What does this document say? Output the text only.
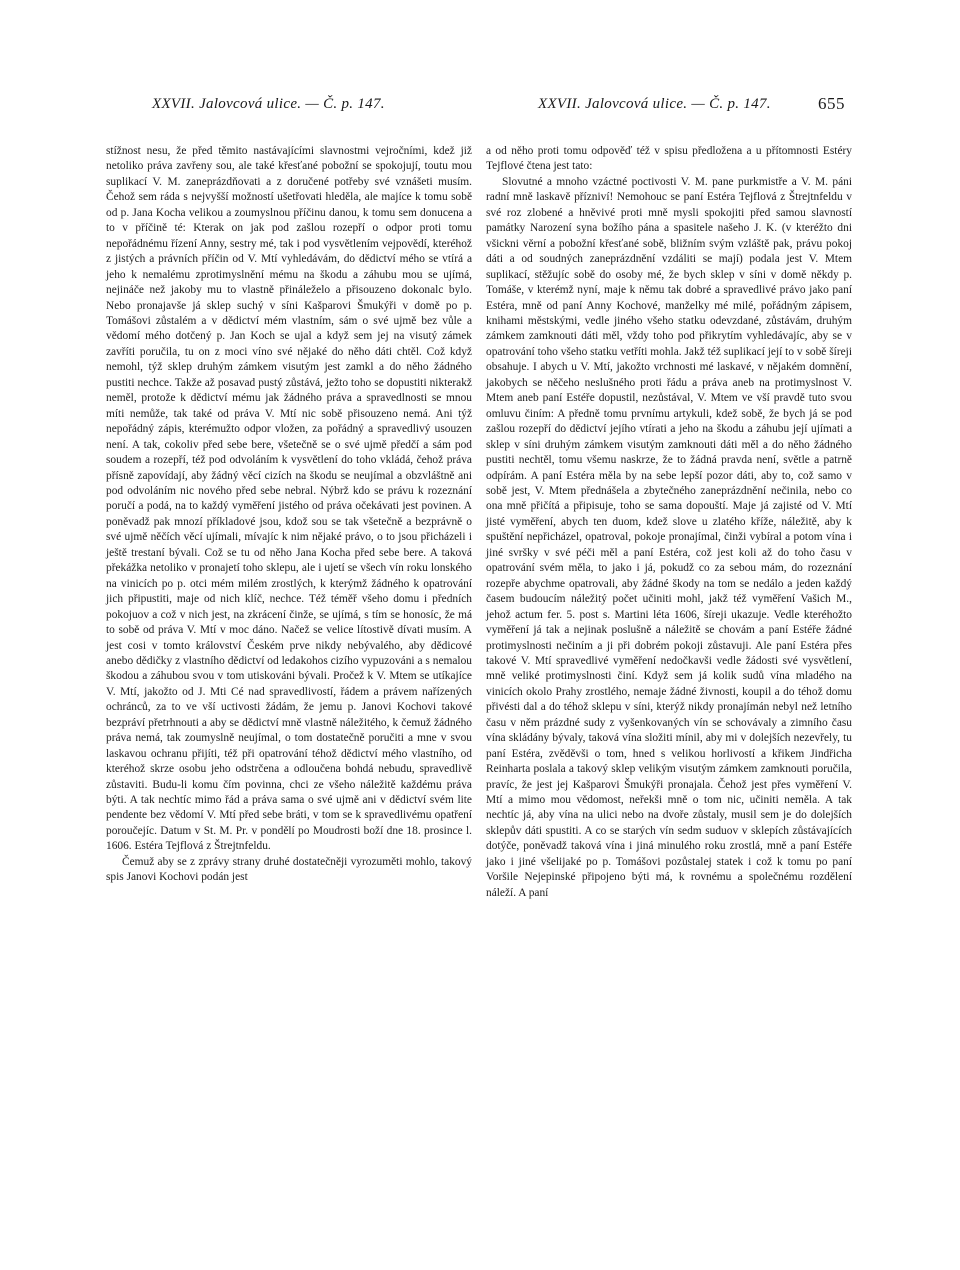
XXVII. Jalovcová ulice. — Č. p. 147.	XXVII. Jalovcová ulice. — Č. p. 147.	655

stížnost nesu, že před těmito nastávajícími slavnostmi vejročními, kdež již netoliko práva zavřeny sou, ale také křesťané pobožní se spokojují, toutu mou suplikací V. M. zaneprázdňovati a z doručené potřeby své vznášeti musím. Čehož sem ráda s nejvyšší možností ušetřovati hleděla, ale majíce k tomu sobě od p. Jana Kocha velikou a zoumyslnou příčinu danou, k tomu sem donucena a to v příčině té: Kterak on jak pod zašlou rozepří o odpor proti tomu nepořádnému řízení Anny, sestry mé, tak i pod vysvětlením vejpovědí, kteréhož z jistých a právních příčin od V. Mtí vyhledávám, do dědictví mého se vtírá a jeho k nemalému zprotimyslnění mému na škodu a záhubu mou se ujímá, nejináče než jakoby mu to vlastně přináleželo a přisouzeno dokonalc bylo. Nebo pronajavše já sklep suchý v síni Kašparovi Šmukýři v domě po p. Tomášovi zůstalém a v dědictví mém vlastním, sám o své ujmě bez vůle a vědomí mého dotčený p. Jan Koch se ujal a když sem jej na visutý zámek zavříti poručila, tu on z moci víno své nějaké do něho dáti chtěl. Což když nemohl, týž sklep druhým zámkem visutým jest zamkl a do něho žádného pustiti nechce. Takže až posavad pustý zůstává, ježto toho se dopustiti nikterakž neměl, protože k dědictví mému jak žádného práva a spravedlnosti se mnou míti nemůže, tak také od práva V. Mtí nic sobě přisouzeno nemá. Ani týž nepořádný zápis, kterémužto odpor vložen, za pořádný a spravedlivý usouzen není. A tak, cokoliv před sebe bere, všetečně se o své ujmě předčí a sám pod soudem a rozepří, též pod odvoláním k vysvětlení do toho vkládá, čehož práva přísně zapovídají, aby žádný věcí cizích na škodu se neujímal a obzvláštně ani pod odvoláním nic nového před sebe nebral. Nýbrž kdo se právu k rozeznání poručí a podá, na to každý vyměření jistého od práva očekávati jest povinen. A poněvadž pak mnozí příkladové jsou, kdož sou se tak všetečně a bezprávně o své ujmě něčích věcí ujímali, mívajíc k nim nějaké právo, o to jsou přicházeli i ještě trestaní bývali. Což se tu od něho Jana Kocha před sebe bere. A taková překážka netoliko v pronajetí toho sklepu, ale i ujetí se všech vín roku lonského na vinicích po p. otci mém milém zrostlých, k kterýmž žádného k opatrování jich připustiti, maje od nich klíč, nechce. Též téměř všeho domu i předních pokojuov a což v nich jest, na zkrácení činže, se ujímá, s tím se honosíc, že má to sobě od práva V. Mtí v moc dáno. Načež se velice lítostivě dívati musím. A jest cosi v tomto království Českém prve nikdy nebývalého, aby dědicové anebo dědičky z vlastního dědictví od ledakohos cizího vypuzováni a s nemalou škodou a záhubou svou v tom utiskováni bývali. Pročež k V. Mtem se utíkajíce V. Mtí, jakožto od J. Mti Cé nad spravedlivostí, řádem a právem nařízených ochránců, za to ve vší uctivosti žádám, že jemu p. Janovi Kochovi takové bezpráví přetrhnouti a aby se dědictví mně vlastně náležitého, k čemuž žádného práva nemá, tak zoumyslně neujímal, o tom dostatečně poručiti a mne v svou laskavou ochranu přijíti, též při opatrování téhož dědictví mého vlastního, od kteréhož skrze osobu jeho odstrčena a odloučena bohdá nebudu, spravedlivě zůstaviti. Budu-li komu čím povinna, chci ze všeho náležitě každému práva býti. A tak nechtíc mimo řád a práva sama o své ujmě ani v dědictví svém lite pendente bez vědomí V. Mtí před sebe bráti, v tom se k spravedlivému opatření poroučejíc. Datum v St. M. Pr. v pondělí po Moudrosti boží dne 18. prosince l. 1606. Estéra Tejflová z Štrejtnfeldu.

Čemuž aby se z zprávy strany druhé dostatečněji vyrozuměti mohlo, takový spis Janovi Kochovi podán jest

a od něho proti tomu odpověď též v spisu předložena a u přítomnosti Estéry Tejflové čtena jest tato:

Slovutné a mnoho vzáctné poctivosti V. M. pane purkmistře a V. M. páni radní mně laskavě přízniví! Nemohouc se paní Estéra Tejflová z Štrejtnfeldu v své roz zlobené a hněvivé proti mně mysli spokojiti před samou slavností památky Narození syna božího pána a spasitele našeho J. K. (v kteréžto dni všickni věrní a pobožní křesťané sobě, bližním svým vzláště pak, právu pokoj dáti a od soudných zaneprázdnění vzdáliti se mají) podala jest V. Mtem suplikací, stěžujíc sobě do osoby mé, že bych sklep v síni v domě někdy p. Tomáše, v kterémž nyní, maje k němu tak dobré a spravedlivé právo jako paní Estéra, mně od paní Anny Kochové, manželky mé milé, pořádným zápisem, knihami městskými, vedle jiného všeho statku odevzdané, zůstávám, druhým zámkem zamknouti dáti měl, vždy toho pod přikrytím vyhledávajíc, aby se v opatrování toho všeho statku vetříti mohla. Jakž též suplikací její to v sobě šíreji obsahuje. I abych u V. Mtí, jakožto vrchnosti mé laskavé, v nějakém domnění, jakobych se něčeho neslušného proti řádu a práva aneb na protimyslnost V. Mtem aneb paní Estéře dopustil, nezůstával, V. Mtem ve vší pravdě tuto svou omluvu činím: A předně tomu prvnímu artykuli, kdež sobě, že bych já se pod zašlou rozepří do dědictví jejího vtírati a jeho na škodu a záhubu její ujímati a sklep v síni druhým zámkem visutým zamknouti dáti měl a do něho žádného pustiti nechtěl, tomu všemu naskrze, že to žádná pravda není, světle a patrně odpírám. A paní Estéra měla by na sebe lepší pozor dáti, aby to, což samo v sobě jest, V. Mtem přednášela a zbytečného zaneprázdnění nečinila, nebo co ona mně přičítá a připisuje, toho se sama dopouští. Maje já zajisté od V. Mtí jisté vyměření, abych ten duom, kdež slove u zlatého kříže, náležitě, aby k spuštění nepřicházel, opatroval, pokoje pronajímal, činži vybíral a potom vína i jiné svršky v své péči měl a paní Estéra, což jest koli až do toho času v opatrování svém měla, to jako i já, pokudž co za sebou mám, do rozeznání rozepře abychme opatrovali, aby žádné škody na tom se nedálo a jeden každý časem budoucím náležitý počet učiniti mohl, jakž též vyměření Vašich M., jehož actum fer. 5. post s. Martini léta 1606, šíreji ukazuje. Vedle kteréhožto vyměření já tak a nejinak poslušně a náležitě se chovám a paní Estéře žádné protimyslnosti nečiním a ji při dobrém pokoji zůstavuji. Ale paní Estéra přes takové V. Mtí spravedlivé vyměření nedočkavši vedle žádosti své vysvětlení, mně veliké protimyslnosti činí. Když sem já kolik sudů vína mladého na vinicích okolo Prahy zrostlého, nemaje žádné živnosti, koupil a do téhož domu přivésti dal a do téhož sklepu v síni, kterýž nikdy pronajímán nebyl než letního času v něm prázdné sudy z vyšenkovaných vín se schovávaly a zimního času vína skládány bývaly, taková vína složiti mínil, aby mi v dolejších nezevřely, tu paní Estéra, zvěděvši o tom, hned s velikou horlivostí a křikem Jindřicha Reinharta poslala a takový sklep velikým visutým zámkem zamknouti poručila, pravíc, že jest jej Kašparovi Šmukýři pronajala. Čehož jest přes vyměření V. Mtí a mimo mou vědomost, neřekši mně o tom nic, učiniti neměla. A tak nechtíc já, aby vína na ulici nebo na dvoře zůstaly, musil sem je do dolejších sklepův dáti spustiti. A co se starých vín sedm suduov v sklepích zůstávajících dotýče, poněvadž taková vína i jiná minulého roku zrostlá, mně a paní Estéře jako i jiné všelijaké po p. Tomášovi pozůstalej statek i což k tomu po paní Voršile Nejepinské připojeno býti má, k rovnému a společnému rozdělení náleží. A paní
